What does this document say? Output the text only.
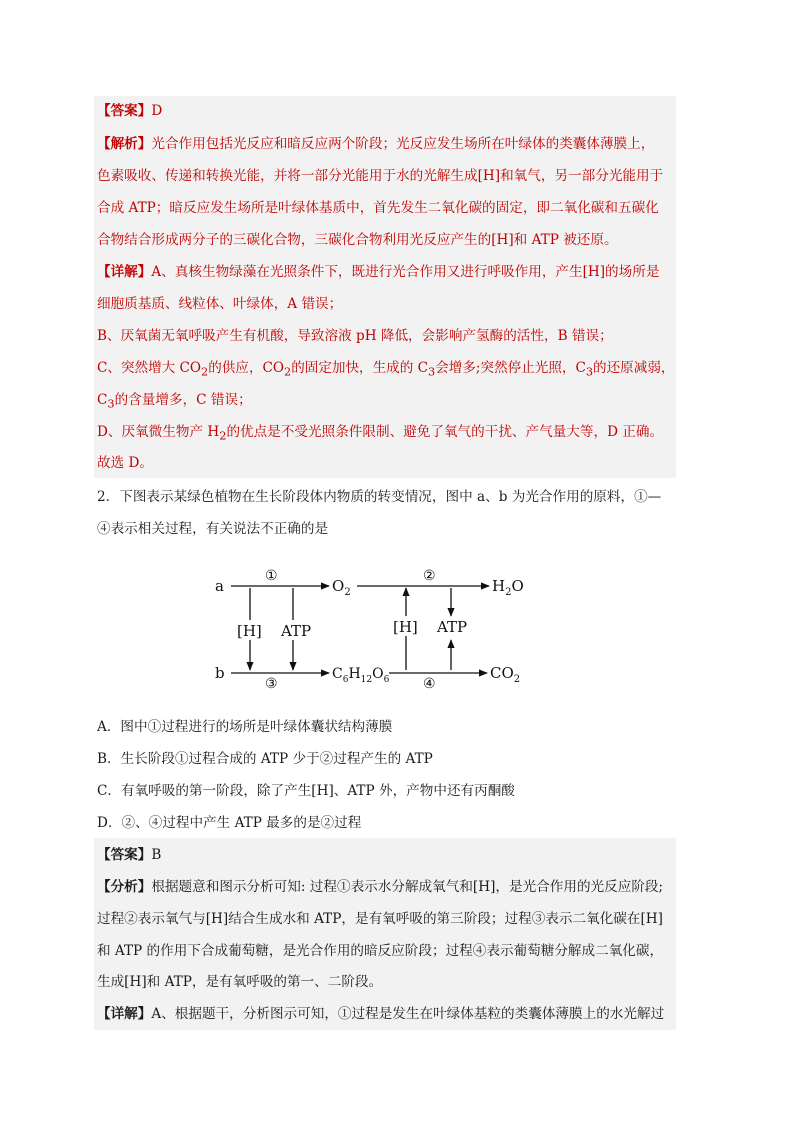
【答案】D
【解析】光合作用包括光反应和暗反应两个阶段；光反应发生场所在叶绿体的类囊体薄膜上，
色素吸收、传递和转换光能，并将一部分光能用于水的光解生成[H]和氧气，另一部分光能用于
合成 ATP；暗反应发生场所是叶绿体基质中，首先发生二氧化碳的固定，即二氧化碳和五碳化
合物结合形成两分子的三碳化合物，三碳化合物利用光反应产生的[H]和 ATP 被还原。
【详解】A、真核生物绿藻在光照条件下，既进行光合作用又进行呼吸作用，产生[H]的场所是
细胞质基质、线粒体、叶绿体，A 错误；
B、厌氧菌无氧呼吸产生有机酸，导致溶液 pH 降低，会影响产氢酶的活性，B 错误；
C、突然增大 $CO_2$的供应，$CO_2$的固定加快，生成的 $C_3$会增多;突然停止光照，$C_3$的还原减弱，
$C_3$的含量增多，C 错误；
D、厌氧微生物产 $H_2$的优点是不受光照条件限制、避免了氧气的干扰、产气量大等，D 正确。
故选 D。
2．下图表示某绿色植物在生长阶段体内物质的转变情况，图中 a、b 为光合作用的原料，①—
④表示相关过程，有关说法不正确的是
a
①
$O_2$
②
$H_2O$
[H] ATP	[H] ATP
b
③
$C_6H_{12}O_6$ ④
$CO_2$
A．图中①过程进行的场所是叶绿体囊状结构薄膜
B．生长阶段①过程合成的 ATP 少于②过程产生的 ATP
C．有氧呼吸的第一阶段，除了产生[H]、ATP 外，产物中还有丙酮酸
D．②、④过程中产生 ATP 最多的是②过程
【答案】B
【分析】根据题意和图示分析可知: 过程①表示水分解成氧气和[H]，是光合作用的光反应阶段;
过程②表示氧气与[H]结合生成水和 ATP，是有氧呼吸的第三阶段；过程③表示二氧化碳在[H]
和 ATP 的作用下合成葡萄糖，是光合作用的暗反应阶段；过程④表示葡萄糖分解成二氧化碳，
生成[H]和 ATP，是有氧呼吸的第一、二阶段。
【详解】A、根据题干，分析图示可知，①过程是发生在叶绿体基粒的类囊体薄膜上的水光解过
